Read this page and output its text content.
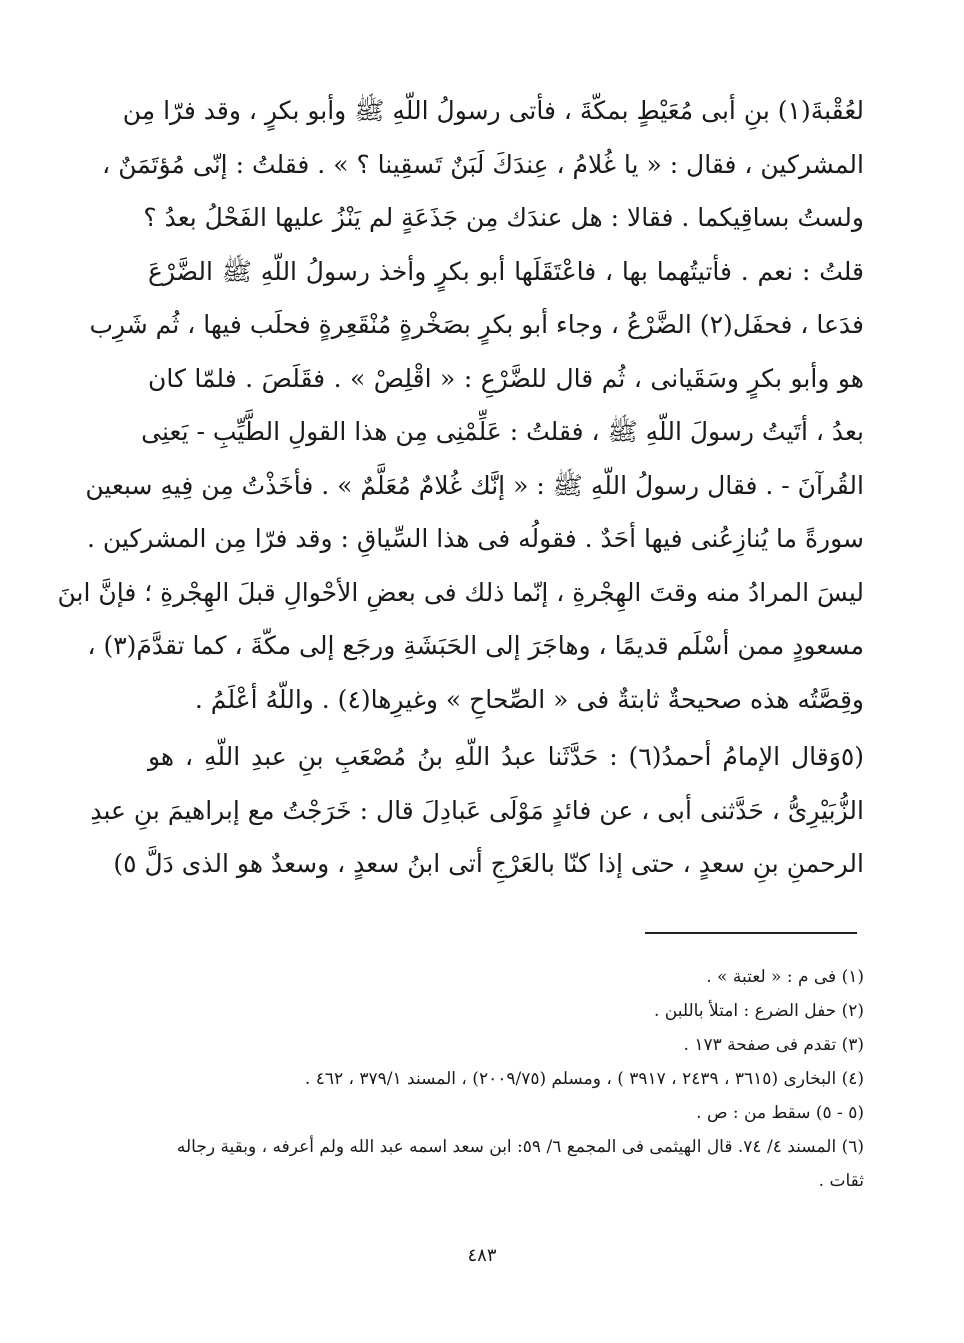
لعُقْبةَ(١) بنِ أبى مُعَيْطٍ بمكّةَ ، فأتى رسولُ اللّهِ ﷺ وأبو بكرٍ ، وقد فرّا مِن
المشركين ، فقال : « يا غُلامُ ، عِندَكَ لَبَنٌ تَسقِينا ؟ » . فقلتُ : إنّى مُؤتَمَنٌ ،
ولستُ بساقِيكما . فقالا : هل عندَك مِن جَذَعَةٍ لم يَنْزُ عليها الفَحْلُ بعدُ ؟
قلتُ : نعم . فأتيتُهما بها ، فاعْتَقَلَها أبو بكرٍ وأخذ رسولُ اللّهِ ﷺ الضَّرْعَ
فدَعا ، فحفَل(٢) الضَّرْعُ ، وجاء أبو بكرٍ بصَخْرةٍ مُنْقَعِرةٍ فحلَب فيها ، ثُم شَرِب
هو وأبو بكرٍ وسَقَيانى ، ثُم قال للضَّرْعِ : « اقْلِصْ » . فقَلَصَ . فلمّا كان
بعدُ ، أتَيتُ رسولَ اللّهِ ﷺ ، فقلتُ : عَلِّمْنِى مِن هذا القولِ الطَّيِّبِ - يَعنِى
القُرآنَ - . فقال رسولُ اللّهِ ﷺ : « إنَّك غُلامٌ مُعَلَّمٌ » . فأخَذْتُ مِن فِيهِ سبعين
سورةً ما يُنازِعُنى فيها أحَدٌ . فقولُه فى هذا السِّياقِ : وقد فرّا مِن المشركين .
ليسَ المرادُ منه وقتَ الهِجْرةِ ، إنّما ذلك فى بعضِ الأحْوالِ قبلَ الهِجْرةِ ؛ فإنَّ ابنَ
مسعودٍ ممن أسْلَم قديمًا ، وهاجَرَ إلى الحَبَشَةِ ورجَع إلى مكّةَ ، كما تقدَّمَ(٣) ،
وقِصَّتُه هذه صحيحةٌ ثابتةٌ فى « الصِّحاحِ » وغيرِها(٤) . واللّهُ أعْلَمُ .
(٥وَقال الإمامُ أحمدُ(٦) : حَدَّثَنا عبدُ اللّهِ بنُ مُصْعَبِ بنِ عبدِ اللّهِ ، هو
الزُّبَيْرِىُّ ، حَدَّثنى أبى ، عن فائدٍ مَوْلَى عَبادِلَ قال : خَرَجْتُ مع إبراهيمَ بنِ عبدِ
الرحمنِ بنِ سعدٍ ، حتى إذا كنّا بالعَرْجِ أتى ابنُ سعدٍ ، وسعدٌ هو الذى دَلَّ ٥)
(١) فى م : « لعتبة » .
(٢) حفل الضرع : امتلأ باللبن .
(٣) تقدم فى صفحة ١٧٣ .
(٤) البخارى (٣٦١٥ ، ٢٤٣٩ ، ٣٩١٧ ) ، ومسلم (٢٠٠٩/٧٥) ، المسند ٣٧٩/١ ، ٤٦٢ .
(٥ - ٥) سقط من : ص .
(٦) المسند ٤/ ٧٤. قال الهيثمى فى المجمع ٦/ ٥٩: ابن سعد اسمه عبد الله ولم أعرفه ، وبقية رجاله
ثقات .
٤٨٣
